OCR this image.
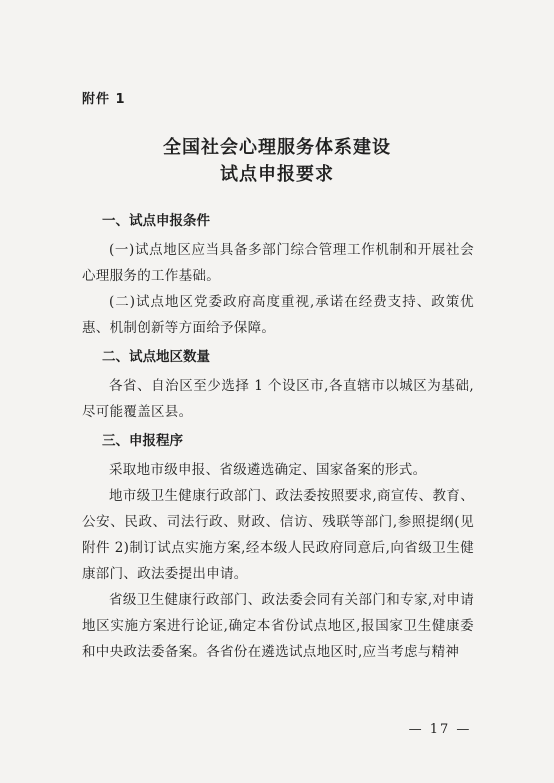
附件 1
全国社会心理服务体系建设
试点申报要求
一、试点申报条件
(一)试点地区应当具备多部门综合管理工作机制和开展社会心理服务的工作基础。
(二)试点地区党委政府高度重视,承诺在经费支持、政策优惠、机制创新等方面给予保障。
二、试点地区数量
各省、自治区至少选择 1 个设区市,各直辖市以城区为基础,尽可能覆盖区县。
三、申报程序
采取地市级申报、省级遴选确定、国家备案的形式。
地市级卫生健康行政部门、政法委按照要求,商宣传、教育、公安、民政、司法行政、财政、信访、残联等部门,参照提纲(见附件 2)制订试点实施方案,经本级人民政府同意后,向省级卫生健康部门、政法委提出申请。
省级卫生健康行政部门、政法委会同有关部门和专家,对申请地区实施方案进行论证,确定本省份试点地区,报国家卫生健康委和中央政法委备案。各省份在遴选试点地区时,应当考虑与精神
— 17 —
